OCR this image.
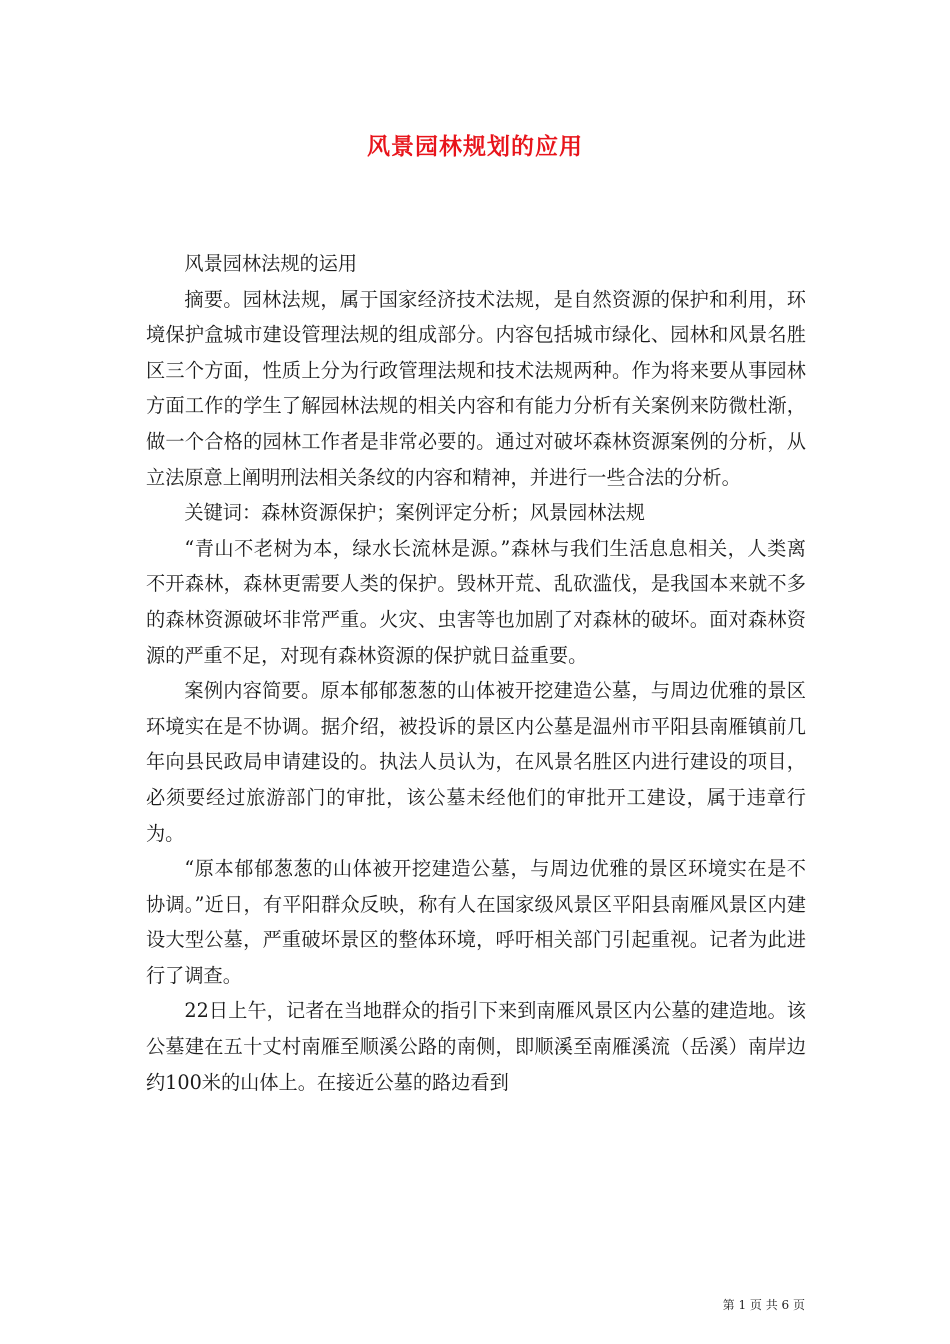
风景园林规划的应用

风景园林法规的运用

摘要。园林法规，属于国家经济技术法规，是自然资源的保护和利用，环境保护盒城市建设管理法规的组成部分。内容包括城市绿化、园林和风景名胜区三个方面，性质上分为行政管理法规和技术法规两种。作为将来要从事园林方面工作的学生了解园林法规的相关内容和有能力分析有关案例来防微杜渐，做一个合格的园林工作者是非常必要的。通过对破坏森林资源案例的分析，从立法原意上阐明刑法相关条纹的内容和精神，并进行一些合法的分析。

关键词：森林资源保护；案例评定分析；风景园林法规

“青山不老树为本，绿水长流林是源。”森林与我们生活息息相关，人类离不开森林，森林更需要人类的保护。毁林开荒、乱砍滥伐，是我国本来就不多的森林资源破坏非常严重。火灾、虫害等也加剧了对森林的破坏。面对森林资源的严重不足，对现有森林资源的保护就日益重要。

案例内容简要。原本郁郁葱葱的山体被开挖建造公墓，与周边优雅的景区环境实在是不协调。据介绍，被投诉的景区内公墓是温州市平阳县南雁镇前几年向县民政局申请建设的。执法人员认为，在风景名胜区内进行建设的项目，必须要经过旅游部门的审批，该公墓未经他们的审批开工建设，属于违章行为。

“原本郁郁葱葱的山体被开挖建造公墓，与周边优雅的景区环境实在是不协调。”近日，有平阳群众反映，称有人在国家级风景区平阳县南雁风景区内建设大型公墓，严重破坏景区的整体环境，呼吁相关部门引起重视。记者为此进行了调查。

22日上午，记者在当地群众的指引下来到南雁风景区内公墓的建造地。该公墓建在五十丈村南雁至顺溪公路的南侧，即顺溪至南雁溪流（岳溪）南岸边约100米的山体上。在接近公墓的路边看到

第 1 页 共 6 页
